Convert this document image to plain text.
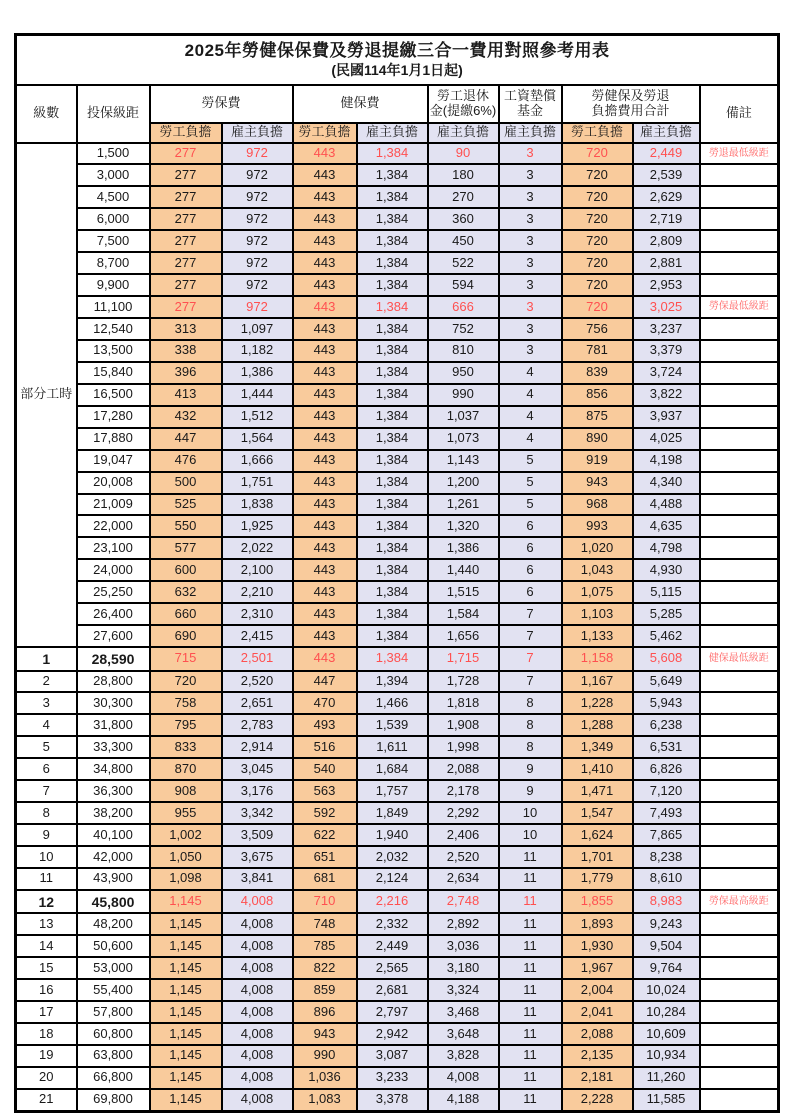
2025年勞健保保費及勞退提繳三合一費用對照參考用表
(民國114年1月1日起)										

級數	投保級距	勞保費		健保費		勞工退休
金(提繳6%)	工資墊償
基金	勞健保及勞退
負擔費用合計		備註
		勞工負擔	雇主負擔	勞工負擔	雇主負擔	雇主負擔	雇主負擔	勞工負擔	雇主負擔	
部分工時	1,500	277	972	443	1,384	90	3	720	2,449	勞退最低級距
	3,000	277	972	443	1,384	180	3	720	2,539	
	4,500	277	972	443	1,384	270	3	720	2,629	
	6,000	277	972	443	1,384	360	3	720	2,719	
	7,500	277	972	443	1,384	450	3	720	2,809	
	8,700	277	972	443	1,384	522	3	720	2,881	
	9,900	277	972	443	1,384	594	3	720	2,953	
	11,100	277	972	443	1,384	666	3	720	3,025	勞保最低級距
	12,540	313	1,097	443	1,384	752	3	756	3,237	
	13,500	338	1,182	443	1,384	810	3	781	3,379	
	15,840	396	1,386	443	1,384	950	4	839	3,724	
	16,500	413	1,444	443	1,384	990	4	856	3,822	
	17,280	432	1,512	443	1,384	1,037	4	875	3,937	
	17,880	447	1,564	443	1,384	1,073	4	890	4,025	
	19,047	476	1,666	443	1,384	1,143	5	919	4,198	
	20,008	500	1,751	443	1,384	1,200	5	943	4,340	
	21,009	525	1,838	443	1,384	1,261	5	968	4,488	
	22,000	550	1,925	443	1,384	1,320	6	993	4,635	
	23,100	577	2,022	443	1,384	1,386	6	1,020	4,798	
	24,000	600	2,100	443	1,384	1,440	6	1,043	4,930	
	25,250	632	2,210	443	1,384	1,515	6	1,075	5,115	
	26,400	660	2,310	443	1,384	1,584	7	1,103	5,285	
	27,600	690	2,415	443	1,384	1,656	7	1,133	5,462	
1	28,590	715	2,501	443	1,384	1,715	7	1,158	5,608	健保最低級距
2	28,800	720	2,520	447	1,394	1,728	7	1,167	5,649	
3	30,300	758	2,651	470	1,466	1,818	8	1,228	5,943	
4	31,800	795	2,783	493	1,539	1,908	8	1,288	6,238	
5	33,300	833	2,914	516	1,611	1,998	8	1,349	6,531	
6	34,800	870	3,045	540	1,684	2,088	9	1,410	6,826	
7	36,300	908	3,176	563	1,757	2,178	9	1,471	7,120	
8	38,200	955	3,342	592	1,849	2,292	10	1,547	7,493	
9	40,100	1,002	3,509	622	1,940	2,406	10	1,624	7,865	
10	42,000	1,050	3,675	651	2,032	2,520	11	1,701	8,238	
11	43,900	1,098	3,841	681	2,124	2,634	11	1,779	8,610	
12	45,800	1,145	4,008	710	2,216	2,748	11	1,855	8,983	勞保最高級距
13	48,200	1,145	4,008	748	2,332	2,892	11	1,893	9,243	
14	50,600	1,145	4,008	785	2,449	3,036	11	1,930	9,504	
15	53,000	1,145	4,008	822	2,565	3,180	11	1,967	9,764	
16	55,400	1,145	4,008	859	2,681	3,324	11	2,004	10,024	
17	57,800	1,145	4,008	896	2,797	3,468	11	2,041	10,284	
18	60,800	1,145	4,008	943	2,942	3,648	11	2,088	10,609	
19	63,800	1,145	4,008	990	3,087	3,828	11	2,135	10,934	
20	66,800	1,145	4,008	1,036	3,233	4,008	11	2,181	11,260	
21	69,800	1,145	4,008	1,083	3,378	4,188	11	2,228	11,585	
